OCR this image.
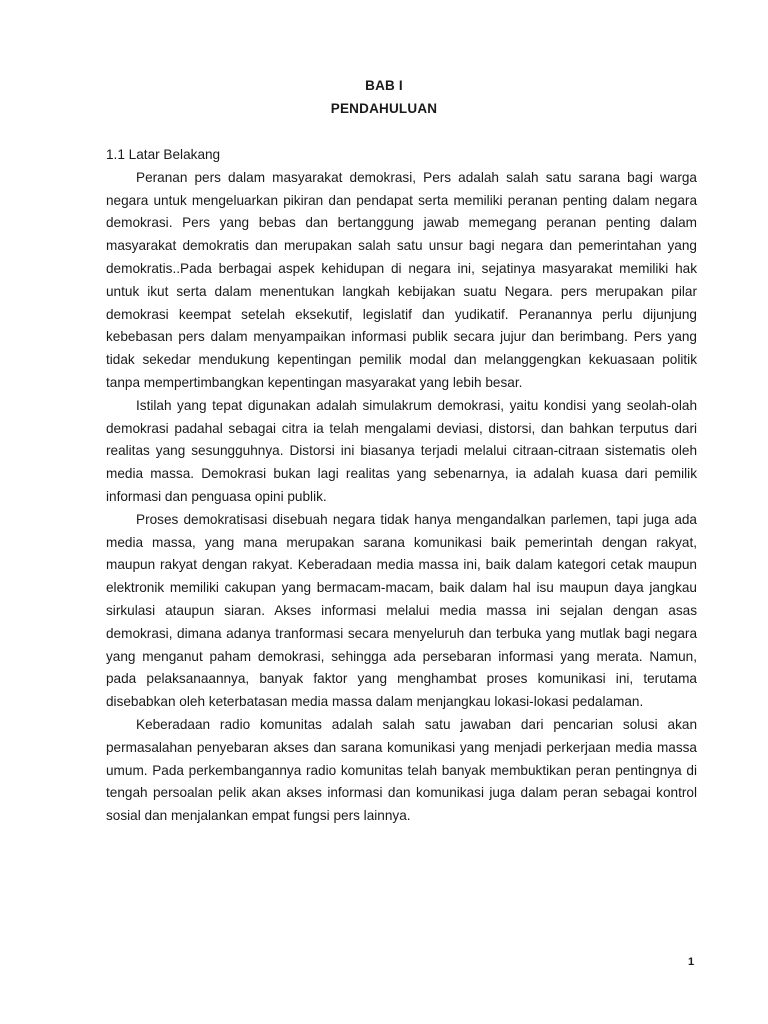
BAB I
PENDAHULUAN

1.1 Latar Belakang

Peranan pers dalam masyarakat demokrasi, Pers adalah salah satu sarana bagi warga negara untuk mengeluarkan pikiran dan pendapat serta memiliki peranan penting dalam negara demokrasi. Pers yang bebas dan bertanggung jawab memegang peranan penting dalam masyarakat demokratis dan merupakan salah satu unsur bagi negara dan pemerintahan yang demokratis..Pada berbagai aspek kehidupan di negara ini, sejatinya masyarakat memiliki hak untuk ikut serta dalam menentukan langkah kebijakan suatu Negara. pers merupakan pilar demokrasi keempat setelah eksekutif, legislatif dan yudikatif. Peranannya perlu dijunjung kebebasan pers dalam menyampaikan informasi publik secara jujur dan berimbang. Pers yang tidak sekedar mendukung kepentingan pemilik modal dan melanggengkan kekuasaan politik tanpa mempertimbangkan kepentingan masyarakat yang lebih besar.

Istilah yang tepat digunakan adalah simulakrum demokrasi, yaitu kondisi yang seolah-olah demokrasi padahal sebagai citra ia telah mengalami deviasi, distorsi, dan bahkan terputus dari realitas yang sesungguhnya. Distorsi ini biasanya terjadi melalui citraan-citraan sistematis oleh media massa. Demokrasi bukan lagi realitas yang sebenarnya, ia adalah kuasa dari pemilik informasi dan penguasa opini publik.

Proses demokratisasi disebuah negara tidak hanya mengandalkan parlemen, tapi juga ada media massa, yang mana merupakan sarana komunikasi baik pemerintah dengan rakyat, maupun rakyat dengan rakyat. Keberadaan media massa ini, baik dalam kategori cetak maupun elektronik memiliki cakupan yang bermacam-macam, baik dalam hal isu maupun daya jangkau sirkulasi ataupun siaran. Akses informasi melalui media massa ini sejalan dengan asas demokrasi, dimana adanya tranformasi secara menyeluruh dan terbuka yang mutlak bagi negara yang menganut paham demokrasi, sehingga ada persebaran informasi yang merata. Namun, pada pelaksanaannya, banyak faktor yang menghambat proses komunikasi ini, terutama disebabkan oleh keterbatasan media massa dalam menjangkau lokasi-lokasi pedalaman.

Keberadaan radio komunitas adalah salah satu jawaban dari pencarian solusi akan permasalahan penyebaran akses dan sarana komunikasi yang menjadi perkerjaan media massa umum. Pada perkembangannya radio komunitas telah banyak membuktikan peran pentingnya di tengah persoalan pelik akan akses informasi dan komunikasi juga dalam peran sebagai kontrol sosial dan menjalankan empat fungsi pers lainnya.

1
